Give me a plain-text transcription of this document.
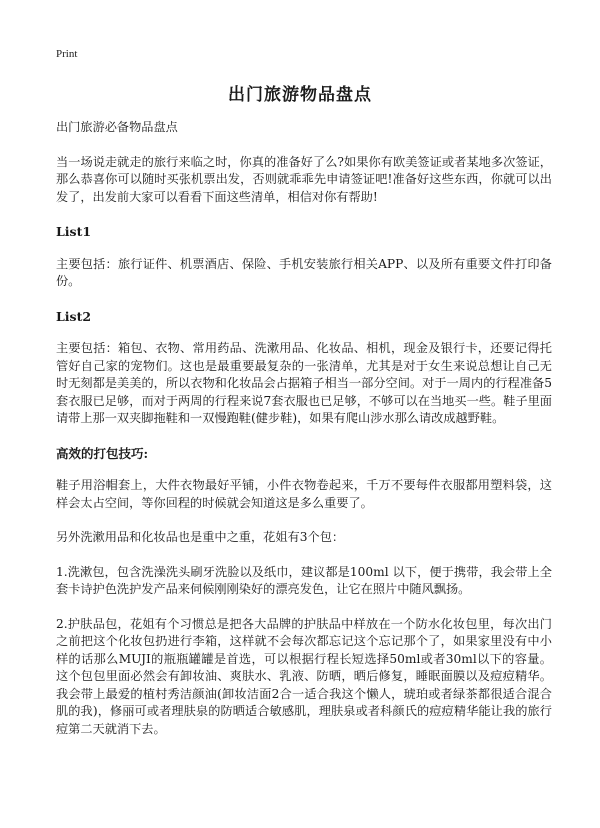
Print
出门旅游物品盘点

出门旅游必备物品盘点

当一场说走就走的旅行来临之时，你真的准备好了么?如果你有欧美签证或者某地多次签证，那么恭喜你可以随时买张机票出发，否则就乖乖先申请签证吧!准备好这些东西，你就可以出发了，出发前大家可以看看下面这些清单，相信对你有帮助!

List1

主要包括：旅行证件、机票酒店、保险、手机安装旅行相关APP、以及所有重要文件打印备份。

List2

主要包括：箱包、衣物、常用药品、洗漱用品、化妆品、相机，现金及银行卡，还要记得托管好自己家的宠物们。这也是最重要最复杂的一张清单，尤其是对于女生来说总想让自己无时无刻都是美美的，所以衣物和化妆品会占据箱子相当一部分空间。对于一周内的行程准备5套衣服已足够，而对于两周的行程来说7套衣服也已足够，不够可以在当地买一些。鞋子里面请带上那一双夹脚拖鞋和一双慢跑鞋(健步鞋)，如果有爬山涉水那么请改成越野鞋。

高效的打包技巧:

鞋子用浴帽套上，大件衣物最好平铺，小件衣物卷起来，千万不要每件衣服都用塑料袋，这样会太占空间，等你回程的时候就会知道这是多么重要了。

另外洗漱用品和化妆品也是重中之重，花姐有3个包：

1.洗漱包，包含洗澡洗头刷牙洗脸以及纸巾，建议都是100ml 以下，便于携带，我会带上全套卡诗护色洗护发产品来伺候刚刚染好的漂亮发色，让它在照片中随风飘扬。

2.护肤品包，花姐有个习惯总是把各大品牌的护肤品中样放在一个防水化妆包里，每次出门之前把这个化妆包扔进行李箱，这样就不会每次都忘记这个忘记那个了，如果家里没有中小样的话那么MUJI的瓶瓶罐罐是首选，可以根据行程长短选择50ml或者30ml以下的容量。这个包包里面必然会有卸妆油、爽肤水、乳液、防晒，晒后修复，睡眠面膜以及痘痘精华。我会带上最爱的植村秀洁颜油(卸妆洁面2合一适合我这个懒人，琥珀或者绿茶都很适合混合肌的我)，修丽可或者理肤泉的防晒适合敏感肌，理肤泉或者科颜氏的痘痘精华能让我的旅行痘第二天就消下去。
